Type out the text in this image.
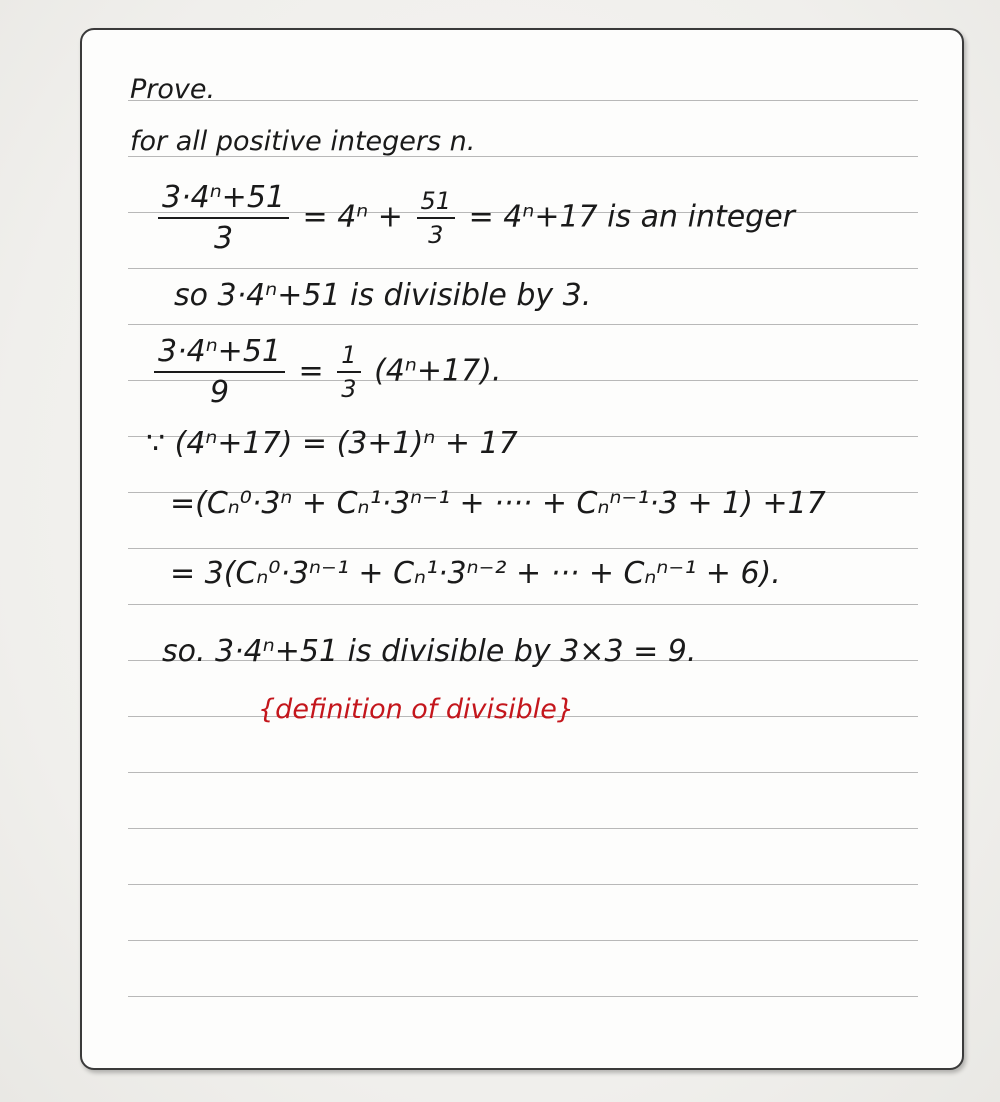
Prove.
for all positive integers n.
$\frac{\text{3·4ⁿ+51}}{3} = 4^n + \frac{51}{3} = 4^n+17$ is an integer
so 3·4ⁿ+51 is divisible by 3.
$\frac{\text{3·4ⁿ+51}}{9} = \frac{1}{3} (4^n+17)$.
∵ (4ⁿ+17) = (3+1)ⁿ + 17
=(Cₙ⁰·3ⁿ + Cₙ¹·3ⁿ⁻¹ + ···· + Cₙⁿ⁻¹·3 + 1) +17
= 3(Cₙ⁰·3ⁿ⁻¹ + Cₙ¹·3ⁿ⁻² + ··· + Cₙⁿ⁻¹ + 6).
so. 3·4ⁿ+51 is divisible by 3×3 = 9.
{definition of divisible}
